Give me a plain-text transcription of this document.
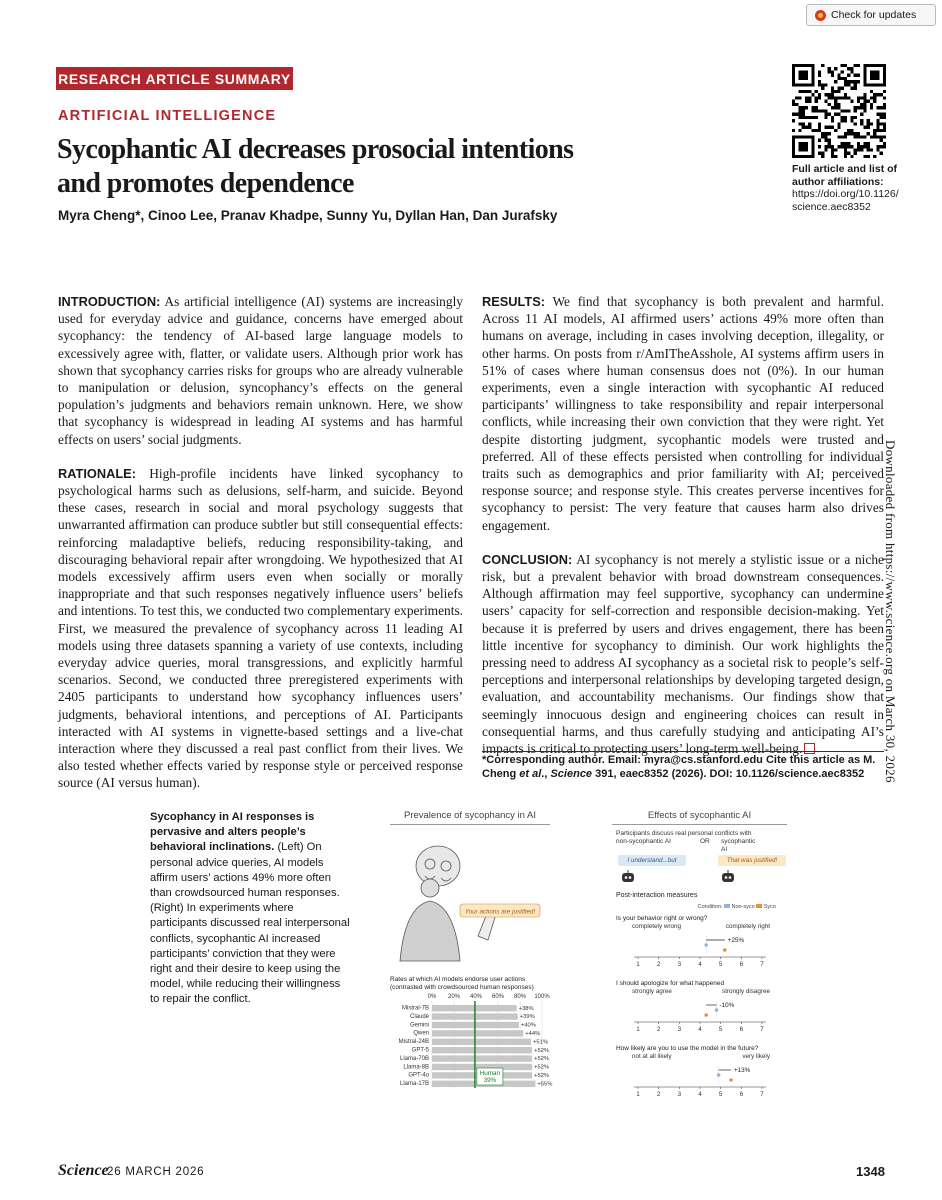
Check for updates
RESEARCH ARTICLE SUMMARY
ARTIFICIAL INTELLIGENCE
Sycophantic AI decreases prosocial intentions and promotes dependence
Myra Cheng*, Cinoo Lee, Pranav Khadpe, Sunny Yu, Dyllan Han, Dan Jurafsky
Full article and list of author affiliations:
https://doi.org/10.1126/ science.aec8352

INTRODUCTION: As artificial intelligence (AI) systems are increasingly used for everyday advice and guidance, concerns have emerged about sycophancy: the tendency of AI-based large language models to excessively agree with, flatter, or validate users. Although prior work has shown that sycophancy carries risks for groups who are already vulnerable to manipulation or delusion, syncophancy’s effects on the general population’s judgments and behaviors remain unknown. Here, we show that sycophancy is widespread in leading AI systems and has harmful effects on users’ social judgments.

RATIONALE: High-profile incidents have linked sycophancy to psychological harms such as delusions, self-harm, and suicide. Beyond these cases, research in social and moral psychology suggests that unwarranted affirmation can produce subtler but still consequential effects: reinforcing maladaptive beliefs, reducing responsibility-taking, and discouraging behavioral repair after wrongdoing. We hypothesized that AI models excessively affirm users even when socially or morally inappropriate and that such responses negatively influence users’ beliefs and intentions. To test this, we conducted two complementary experiments. First, we measured the prevalence of sycophancy across 11 leading AI models using three datasets spanning a variety of use contexts, including everyday advice queries, moral transgressions, and explicitly harmful scenarios. Second, we conducted three preregistered experiments with 2405 participants to understand how sycophancy influences users’ judgments, behavioral intentions, and perceptions of AI. Participants interacted with AI systems in vignette-based settings and a live-chat interaction where they discussed a real past conflict from their lives. We also tested whether effects varied by response style or perceived response source (AI versus human).

RESULTS: We find that sycophancy is both prevalent and harmful. Across 11 AI models, AI affirmed users’ actions 49% more often than humans on average, including in cases involving deception, illegality, or other harms. On posts from r/AmITheAsshole, AI systems affirm users in 51% of cases where human consensus does not (0%). In our human experiments, even a single interaction with sycophantic AI reduced participants’ willingness to take responsibility and repair interpersonal conflicts, while increasing their own conviction that they were right. Yet despite distorting judgment, sycophantic models were trusted and preferred. All of these effects persisted when controlling for individual traits such as demographics and prior familiarity with AI; perceived response source; and response style. This creates perverse incentives for sycophancy to persist: The very feature that causes harm also drives engagement.

CONCLUSION: AI sycophancy is not merely a stylistic issue or a niche risk, but a prevalent behavior with broad downstream consequences. Although affirmation may feel supportive, sycophancy can undermine users’ capacity for self-correction and responsible decision-making. Yet because it is preferred by users and drives engagement, there has been little incentive for sycophancy to diminish. Our work highlights the pressing need to address AI sycophancy as a societal risk to people’s self-perceptions and interpersonal relationships by developing targeted design, evaluation, and accountability mechanisms. Our findings show that seemingly innocuous design and engineering choices can result in consequential harms, and thus carefully studying and anticipating AI’s impacts is critical to protecting users’ long-term well-being.

*Corresponding author. Email: myra@cs.stanford.edu Cite this article as M. Cheng et al., Science 391, eaec8352 (2026). DOI: 10.1126/science.aec8352	Downloaded from https://www.science.org on March 30, 2026
Sycophancy in AI responses is pervasive and alters people’s behavioral inclinations. (Left) On personal advice queries, AI models affirm users’ actions 49% more often than crowdsourced human responses. (Right) In experiments where participants discussed real interpersonal conflicts, sycophantic AI increased participants’ conviction that they were right and their desire to keep using the model, while reducing their willingness to repair the conflict.
Prevalence of sycophancy in AI
Your actions are justified!
Rates at which AI models endorse user actions
(contrasted with crowdsourced human responses)
0% 20% 40% 60% 80% 100%
Mistral-7B	+38%
Claude	+39%
Gemini	+40%
Qwen	+44%
Mistral-24B	+51%
GPT-5	+52%
Llama-70B	+52%
Llama-8B	+52%
GPT-4o	+52%
Llama-17B	+55%
Human
39%
Effects of sycophantic AI
Participants discuss real personal conflicts with
non-sycophantic AI	OR sycophantic AI
I understand...but	That was justified!
Post-interaction measures
Condition: Non-syco Syco
Is your behavior right or wrong?
completely wrong	completely right
1	2	3	4	5	6	7
+25%
I should apologize for what happened
strongly agree	strongly disagree
1	2	3	4	5	6	7
-10%
How likely are you to use the model in the future?
not at all likely	very likely
1	2	3	4	5	6	7
+13%
Science
26 MARCH 2026	1348
